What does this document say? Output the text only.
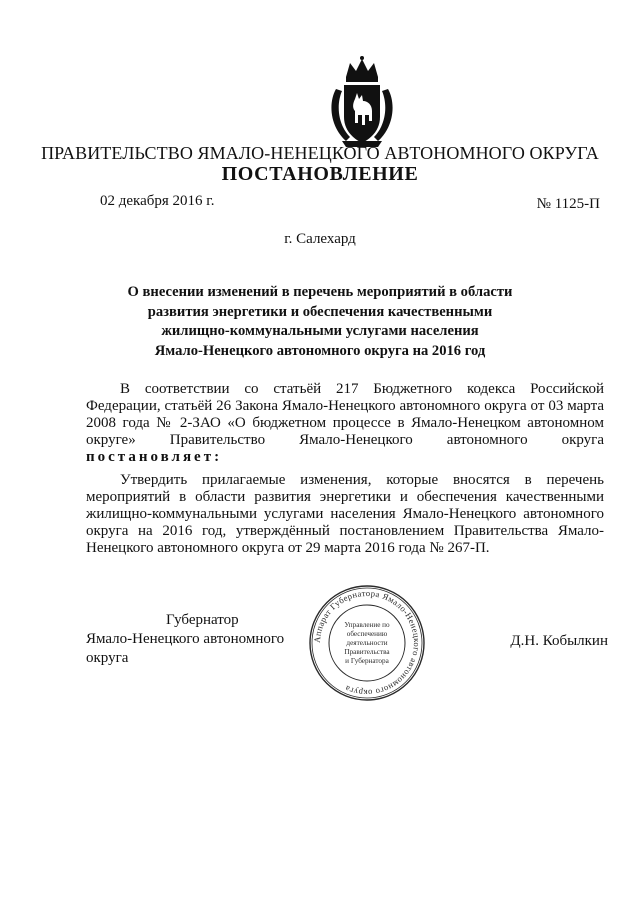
ПРАВИТЕЛЬСТВО ЯМАЛО-НЕНЕЦКОГО АВТОНОМНОГО ОКРУГА
ПОСТАНОВЛЕНИЕ
02 декабря 2016 г.	№ 1125-П
г. Салехард
О внесении изменений в перечень мероприятий в области
развития энергетики и обеспечения качественными
жилищно-коммунальными услугами населения
Ямало-Ненецкого автономного округа на 2016 год
В соответствии со статьёй 217 Бюджетного кодекса Российской Федерации, статьёй 26 Закона Ямало-Ненецкого автономного округа от 03 марта 2008 года № 2-ЗАО «О бюджетном процессе в Ямало-Ненецком автономном округе» Правительство Ямало-Ненецкого автономного округа постановляет:
Утвердить прилагаемые изменения, которые вносятся в перечень мероприятий в области развития энергетики и обеспечения качественными жилищно-коммунальными услугами населения Ямало-Ненецкого автономного округа на 2016 год, утверждённый постановлением Правительства Ямало-Ненецкого автономного округа от 29 марта 2016 года № 267-П.
Губернатор
Ямало-Ненецкого автономного округа
Аппарат Губернатора Ямало-Ненецкого автономного округа
Управление по
обеспечению
деятельности
Правительства
и Губернатора
Д.Н. Кобылкин
